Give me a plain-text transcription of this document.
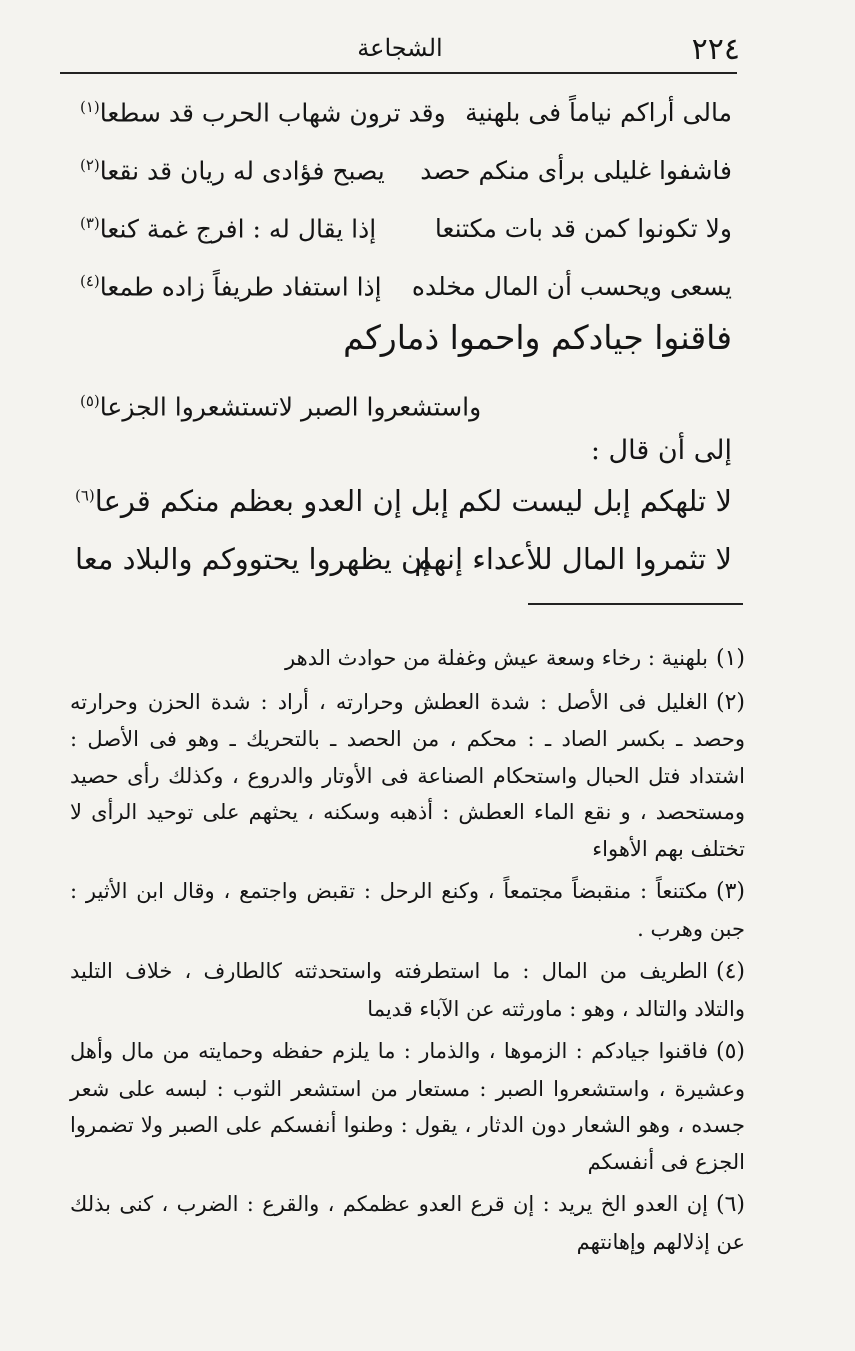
٢٢٤
الشجاعة
مالى أراكم نياماً فى بلهنية
وقد ترون شهاب الحرب قد سطعا$^{(١)}$
فاشفوا غليلى برأى منكم حصد
يصبح فؤادى له ريان قد نقعا$^{(٢)}$
ولا تكونوا كمن قد بات مكتنعا
إذا يقال له : افرج غمة كنعا$^{(٣)}$
يسعى ويحسب أن المال مخلده
إذا استفاد طريفاً زاده طمعا$^{(٤)}$
فاقنوا جيادكم واحموا ذماركم
واستشعروا الصبر لاتستشعروا الجزعا$^{(٥)}$
إلى أن قال :
لا تلهكم إبل ليست لكم إبل
إن العدو بعظم منكم قرعا$^{(٦)}$
لا تثمروا المال للأعداء إنهم
إن يظهروا يحتووكم والبلاد معا

(١)بلهنية : رخاء وسعة عيش وغفلة من حوادث الدهر

(٢)الغليل فى الأصل : شدة العطش وحرارته ، أراد : شدة الحزن وحرارته وحصد ـ بكسر الصاد ـ : محكم ، من الحصد ـ بالتحريك ـ وهو فى الأصل : اشتداد فتل الحبال واستحكام الصناعة فى الأوتار والدروع ، وكذلك رأى حصيد ومستحصد ، و نقع الماء العطش : أذهبه وسكنه ، يحثهم على توحيد الرأى لا تختلف بهم الأهواء

(٣)مكتنعاً : منقبضاً مجتمعاً ، وكنع الرحل : تقبض واجتمع ، وقال ابن الأثير : جبن وهرب .

(٤)الطريف من المال : ما استطرفته واستحدثته كالطارف ، خلاف التليد والتلاد والتالد ، وهو : ماورثته عن الآباء قديما

(٥)فاقنوا جيادكم : الزموها ، والذمار : ما يلزم حفظه وحمايته من مال وأهل وعشيرة ، واستشعروا الصبر : مستعار من استشعر الثوب : لبسه على شعر جسده ، وهو الشعار دون الدثار ، يقول : وطنوا أنفسكم على الصبر ولا تضمروا الجزع فى أنفسكم

(٦)إن العدو الخ يريد : إن قرع العدو عظمكم ، والقرع : الضرب ، كنى بذلك عن إذلالهم وإهانتهم
